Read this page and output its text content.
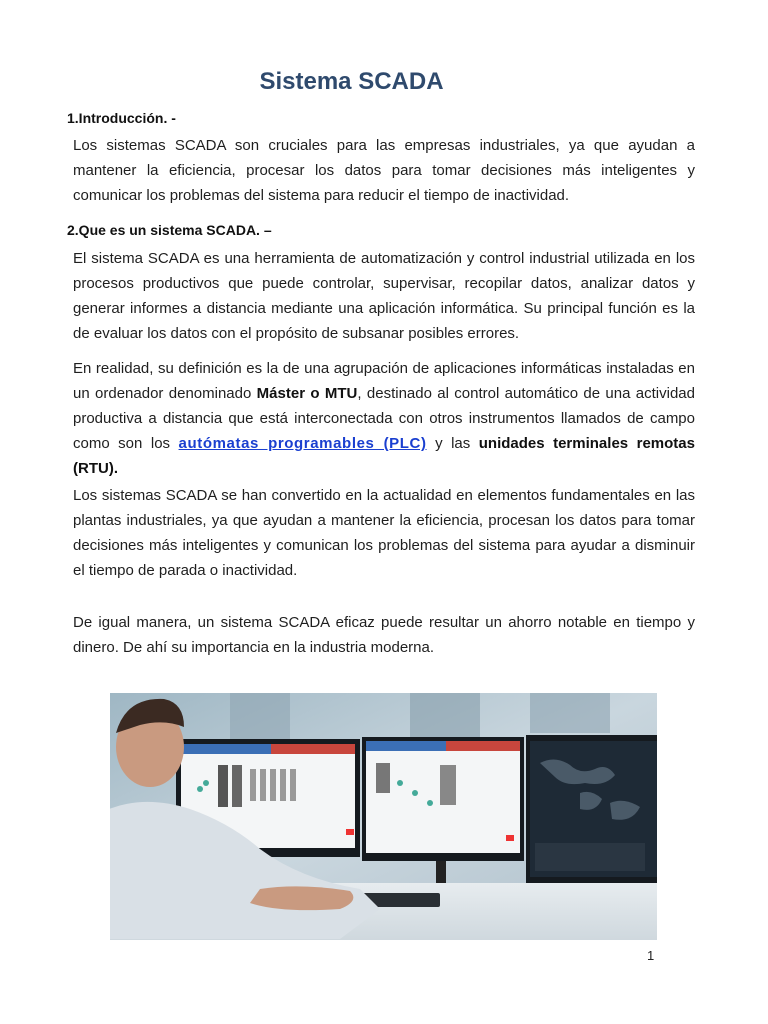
Sistema SCADA
1.Introducción. -

Los sistemas SCADA son cruciales para las empresas industriales, ya que ayudan a mantener la eficiencia, procesar los datos para tomar decisiones más inteligentes y comunicar los problemas del sistema para reducir el tiempo de inactividad.

2.Que es un sistema SCADA. –

El sistema SCADA es una herramienta de automatización y control industrial utilizada en los procesos productivos que puede controlar, supervisar, recopilar datos, analizar datos y generar informes a distancia mediante una aplicación informática. Su principal función es la de evaluar los datos con el propósito de subsanar posibles errores.

En realidad, su definición es la de una agrupación de aplicaciones informáticas instaladas en un ordenador denominado Máster o MTU, destinado al control automático de una actividad productiva a distancia que está interconectada con otros instrumentos llamados de campo como son los autómatas programables (PLC) y las unidades terminales remotas (RTU).

Los sistemas SCADA se han convertido en la actualidad en elementos fundamentales en las plantas industriales, ya que ayudan a mantener la eficiencia, procesan los datos para tomar decisiones más inteligentes y comunican los problemas del sistema para ayudar a disminuir el tiempo de parada o inactividad.

De igual manera, un sistema SCADA eficaz puede resultar un ahorro notable en tiempo y dinero. De ahí su importancia en la industria moderna.

1
